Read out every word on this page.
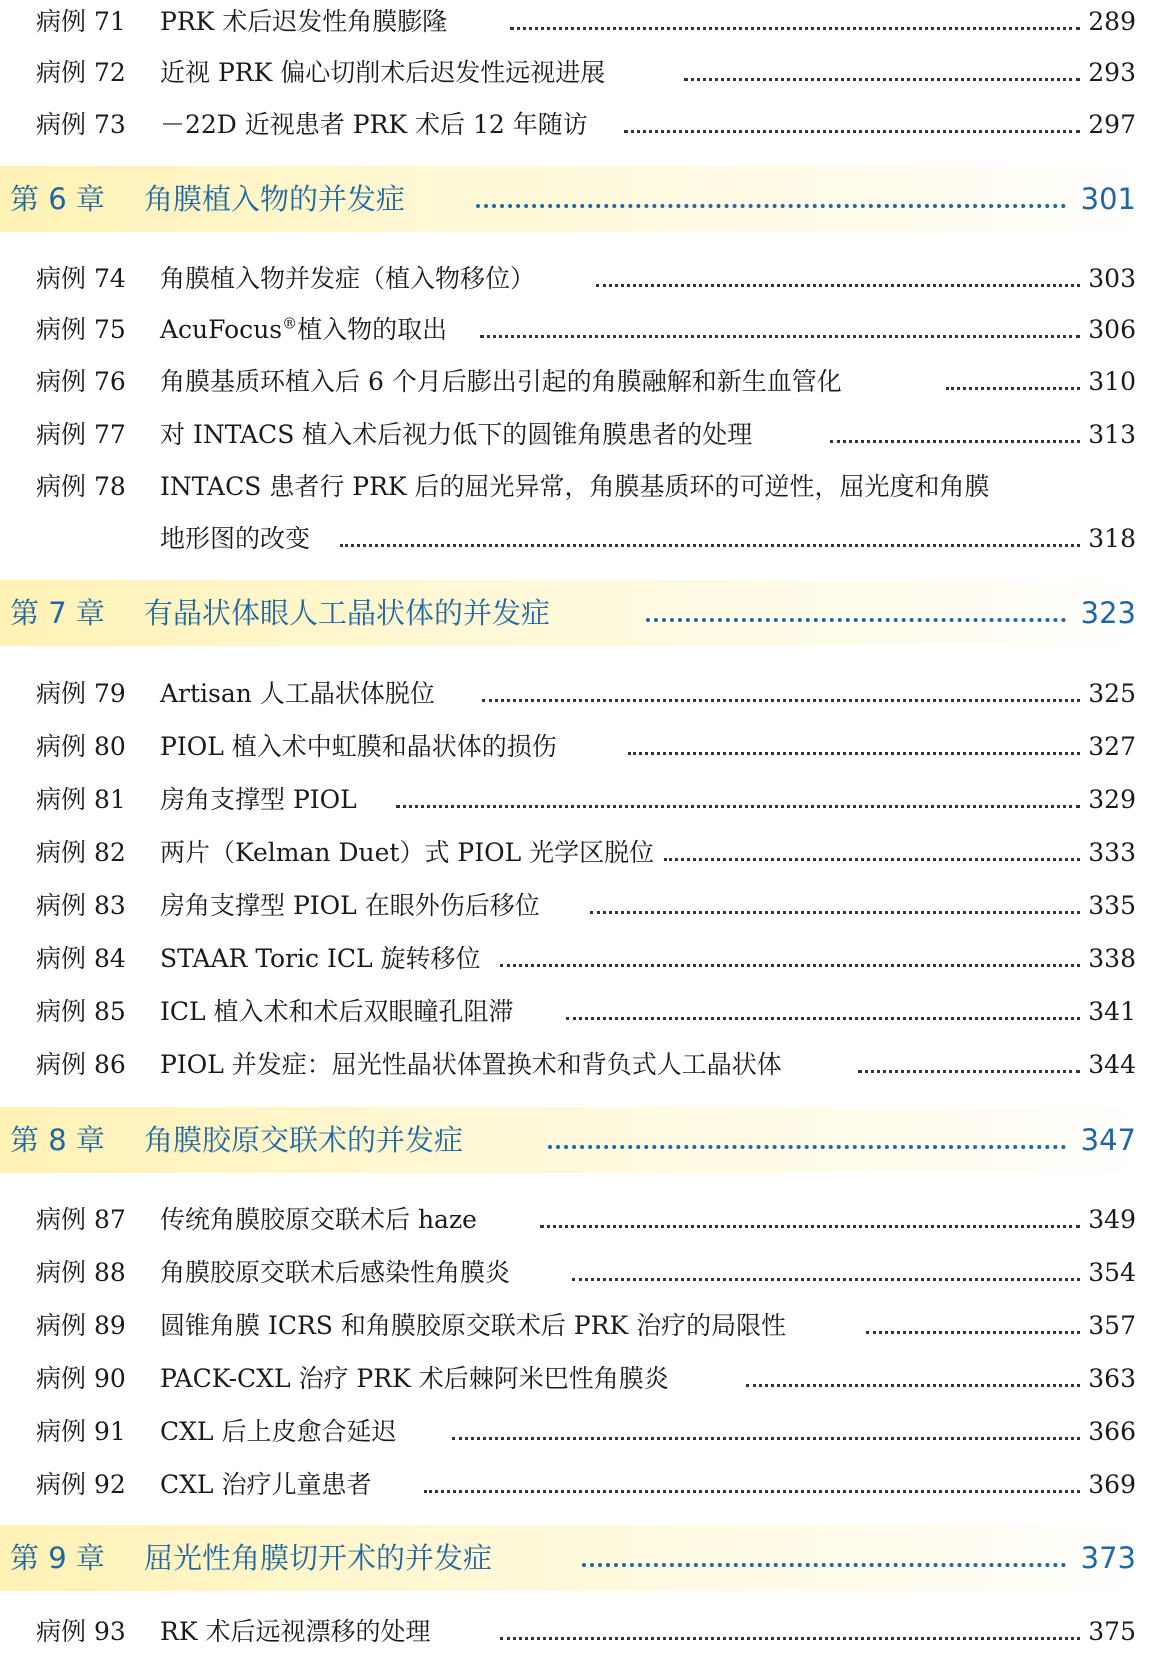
病例 71 PRK 术后迟发性角膜膨隆	289
病例 72 近视 PRK 偏心切削术后迟发性远视进展	293
病例 73 －22D 近视患者 PRK 术后 12 年随访	297
第 6 章 角膜植入物的并发症	301
病例 74 角膜植入物并发症（植入物移位）	303
病例 75 AcuFocus®植入物的取出	306
病例 76 角膜基质环植入后 6 个月后膨出引起的角膜融解和新生血管化	310
病例 77 对 INTACS 植入术后视力低下的圆锥角膜患者的处理	313
病例 78 INTACS 患者行 PRK 后的屈光异常，角膜基质环的可逆性，屈光度和角膜
地形图的改变	318
第 7 章 有晶状体眼人工晶状体的并发症	323
病例 79 Artisan 人工晶状体脱位	325
病例 80 PIOL 植入术中虹膜和晶状体的损伤	327
病例 81 房角支撑型 PIOL	329
病例 82 两片（Kelman Duet）式 PIOL 光学区脱位	333
病例 83 房角支撑型 PIOL 在眼外伤后移位	335
病例 84 STAAR Toric ICL 旋转移位	338
病例 85 ICL 植入术和术后双眼瞳孔阻滞	341
病例 86 PIOL 并发症：屈光性晶状体置换术和背负式人工晶状体	344
第 8 章 角膜胶原交联术的并发症	347
病例 87 传统角膜胶原交联术后 haze	349
病例 88 角膜胶原交联术后感染性角膜炎	354
病例 89 圆锥角膜 ICRS 和角膜胶原交联术后 PRK 治疗的局限性	357
病例 90 PACK-CXL 治疗 PRK 术后棘阿米巴性角膜炎	363
病例 91 CXL 后上皮愈合延迟	366
病例 92 CXL 治疗儿童患者	369
第 9 章 屈光性角膜切开术的并发症	373
病例 93 RK 术后远视漂移的处理	375
